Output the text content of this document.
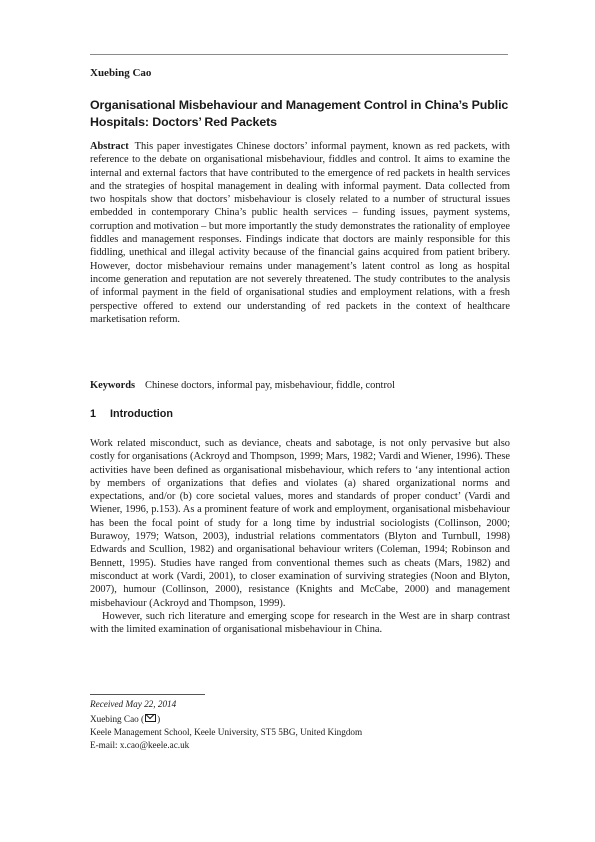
Xuebing Cao
Organisational Misbehaviour and Management Control in China’s Public Hospitals: Doctors’ Red Packets
Abstract This paper investigates Chinese doctors’ informal payment, known as red packets, with reference to the debate on organisational misbehaviour, fiddles and control. It aims to examine the internal and external factors that have contributed to the emergence of red packets in health services and the strategies of hospital management in dealing with informal payment. Data collected from two hospitals show that doctors’ misbehaviour is closely related to a number of structural issues embedded in contemporary China’s public health services – funding issues, payment systems, corruption and motivation – but more importantly the study demonstrates the rationality of employee fiddles and management responses. Findings indicate that doctors are mainly responsible for this fiddling, unethical and illegal activity because of the financial gains acquired from patient bribery. However, doctor misbehaviour remains under management’s latent control as long as hospital income generation and reputation are not severely threatened. The study contributes to the analysis of informal payment in the field of organisational studies and employment relations, with a fresh perspective offered to extend our understanding of red packets in the context of healthcare marketisation reform.
Keywords Chinese doctors, informal pay, misbehaviour, fiddle, control
1 Introduction

Work related misconduct, such as deviance, cheats and sabotage, is not only pervasive but also costly for organisations (Ackroyd and Thompson, 1999; Mars, 1982; Vardi and Wiener, 1996). These activities have been defined as organisational misbehaviour, which refers to ‘any intentional action by members of organizations that defies and violates (a) shared organizational norms and expectations, and/or (b) core societal values, mores and standards of proper conduct’ (Vardi and Wiener, 1996, p.153). As a prominent feature of work and employment, organisational misbehaviour has been the focal point of study for a long time by industrial sociologists (Collinson, 2000; Burawoy, 1979; Watson, 2003), industrial relations commentators (Blyton and Turnbull, 1998) Edwards and Scullion, 1982) and organisational behaviour writers (Coleman, 1994; Robinson and Bennett, 1995). Studies have ranged from conventional themes such as cheats (Mars, 1982) and misconduct at work (Vardi, 2001), to closer examination of surviving strategies (Noon and Blyton, 2007), humour (Collinson, 2000), resistance (Knights and McCabe, 2000) and management misbehaviour (Ackroyd and Thompson, 1999).

However, such rich literature and emerging scope for research in the West are in sharp contrast with the limited examination of organisational misbehaviour in China.

Received May 22, 2014
Xuebing Cao ( )
Keele Management School, Keele University, ST5 5BG, United Kingdom
E-mail: x.cao@keele.ac.uk
